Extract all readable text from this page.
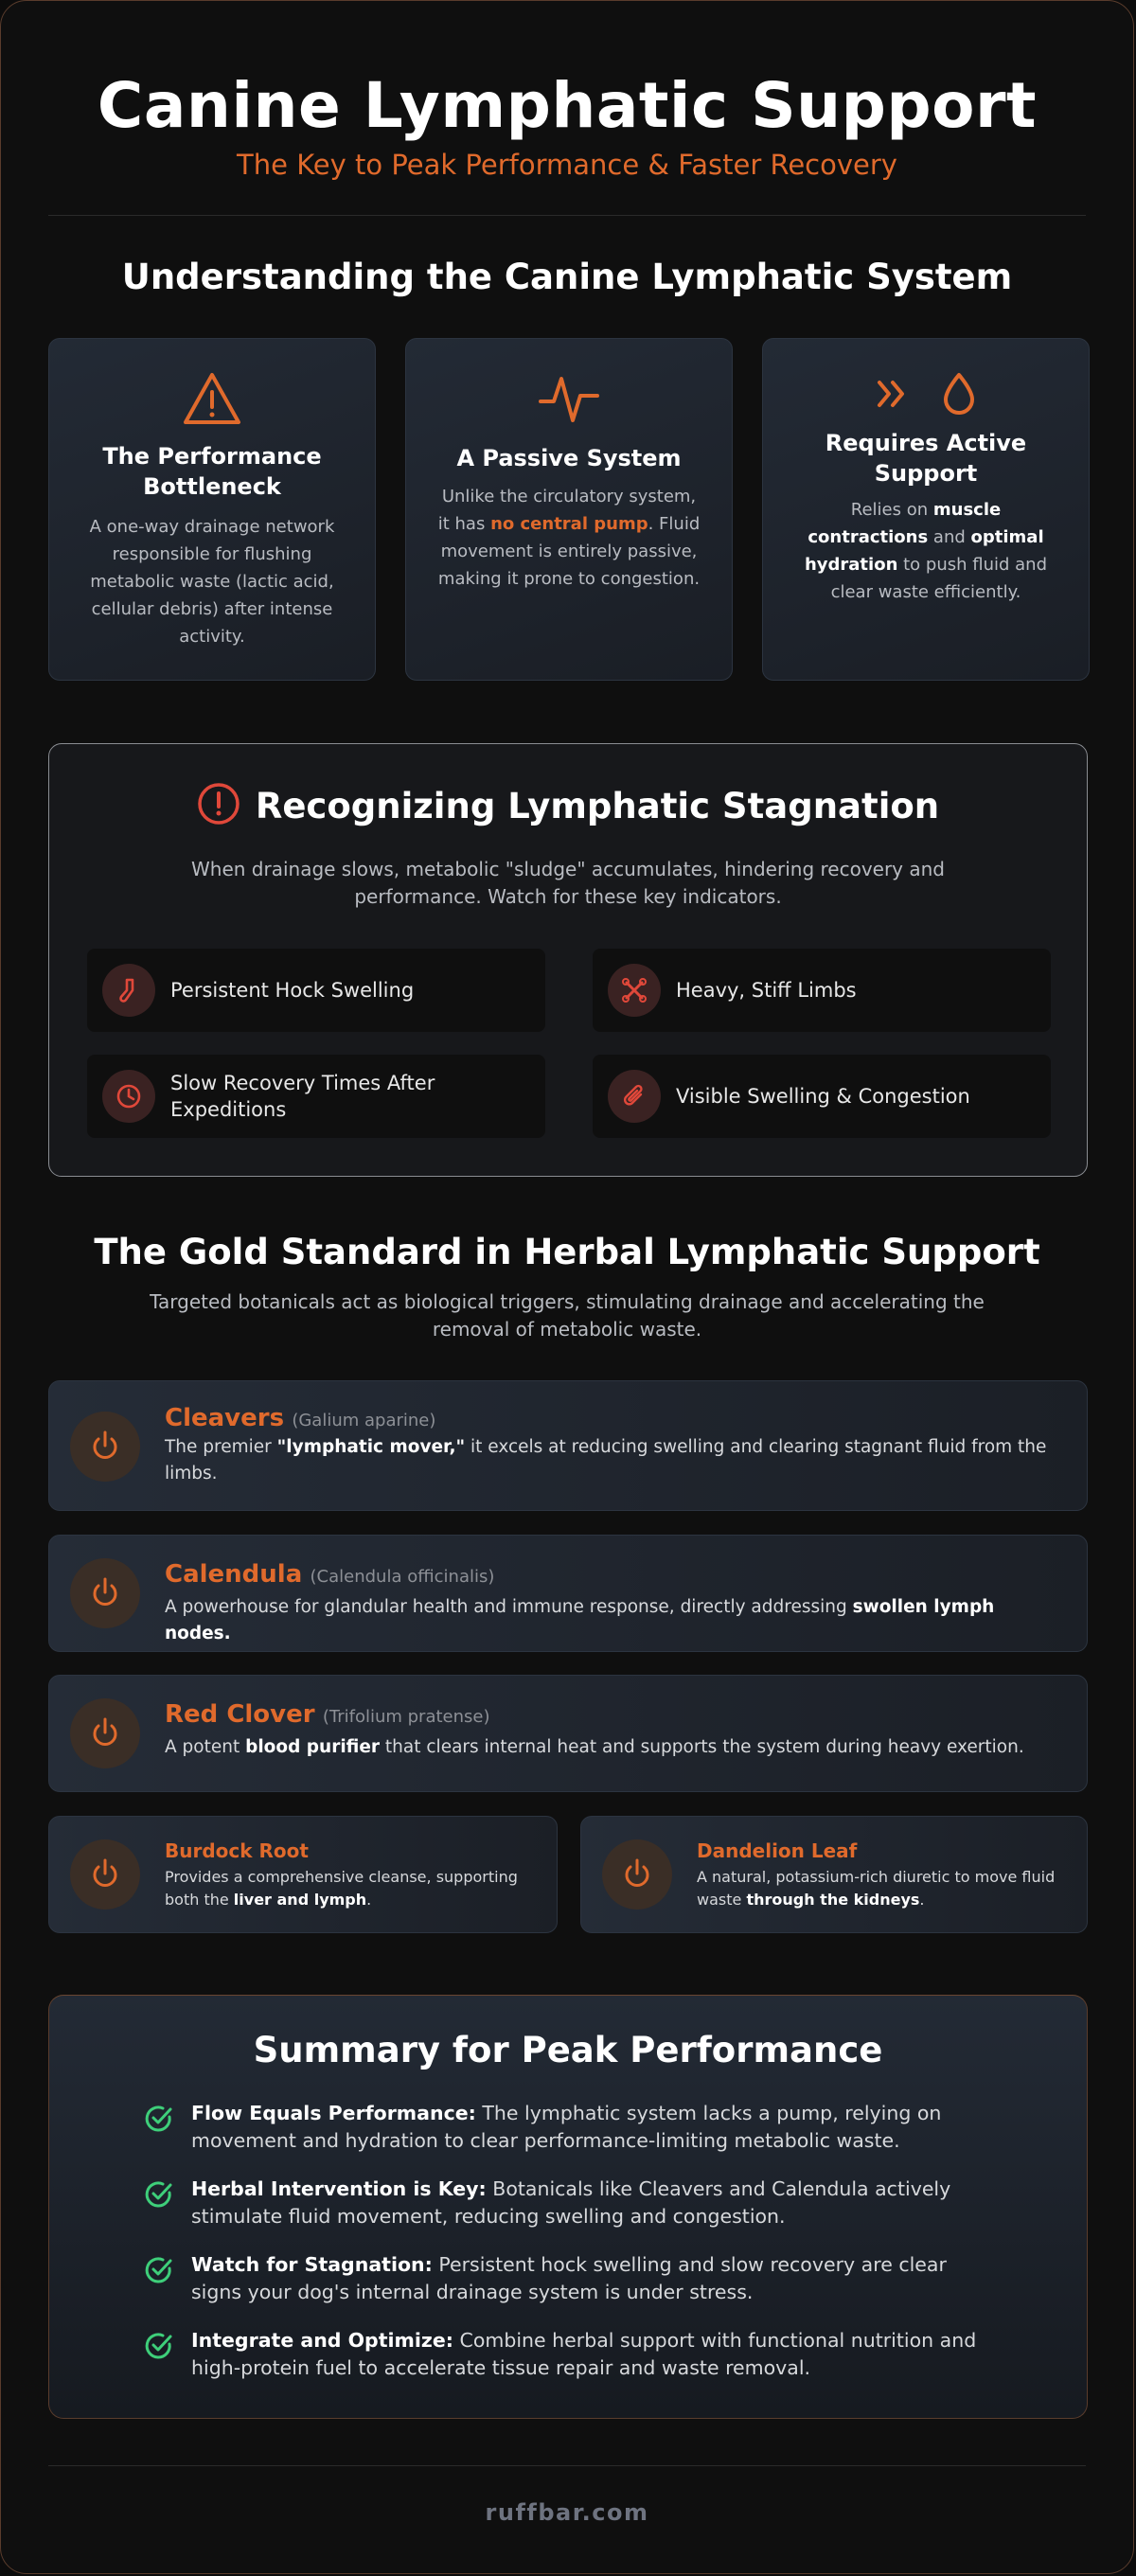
Canine Lymphatic Support
The Key to Peak Performance & Faster Recovery
Understanding the Canine Lymphatic System
The Performance Bottleneck

A one-way drainage network responsible for flushing metabolic waste (lactic acid, cellular debris) after intense activity.

A Passive System

Unlike the circulatory system, it has no central pump. Fluid movement is entirely passive, making it prone to congestion.

Requires Active Support

Relies on muscle contractions and optimal hydration to push fluid and clear waste efficiently.

Recognizing Lymphatic Stagnation
When drainage slows, metabolic "sludge" accumulates, hindering recovery and performance. Watch for these key indicators.
Persistent Hock Swelling	Heavy, Stiff Limbs
Slow Recovery Times After Expeditions
Visible Swelling & Congestion
The Gold Standard in Herbal Lymphatic Support
Targeted botanicals act as biological triggers, stimulating drainage and accelerating the removal of metabolic waste.
Cleavers (Galium aparine)
The premier "lymphatic mover," it excels at reducing swelling and clearing stagnant fluid from the limbs.
Calendula (Calendula officinalis)
A powerhouse for glandular health and immune response, directly addressing swollen lymph nodes.
Red Clover (Trifolium pratense)
A potent blood purifier that clears internal heat and supports the system during heavy exertion.
Burdock Root
Provides a comprehensive cleanse, supporting both the liver and lymph.
Dandelion Leaf
A natural, potassium-rich diuretic to move fluid waste through the kidneys.
Summary for Peak Performance
Flow Equals Performance: The lymphatic system lacks a pump, relying on movement and hydration to clear performance-limiting metabolic waste.
Herbal Intervention is Key: Botanicals like Cleavers and Calendula actively stimulate fluid movement, reducing swelling and congestion.
Watch for Stagnation: Persistent hock swelling and slow recovery are clear signs your dog's internal drainage system is under stress.
Integrate and Optimize: Combine herbal support with functional nutrition and high-protein fuel to accelerate tissue repair and waste removal.
ruffbar.com
